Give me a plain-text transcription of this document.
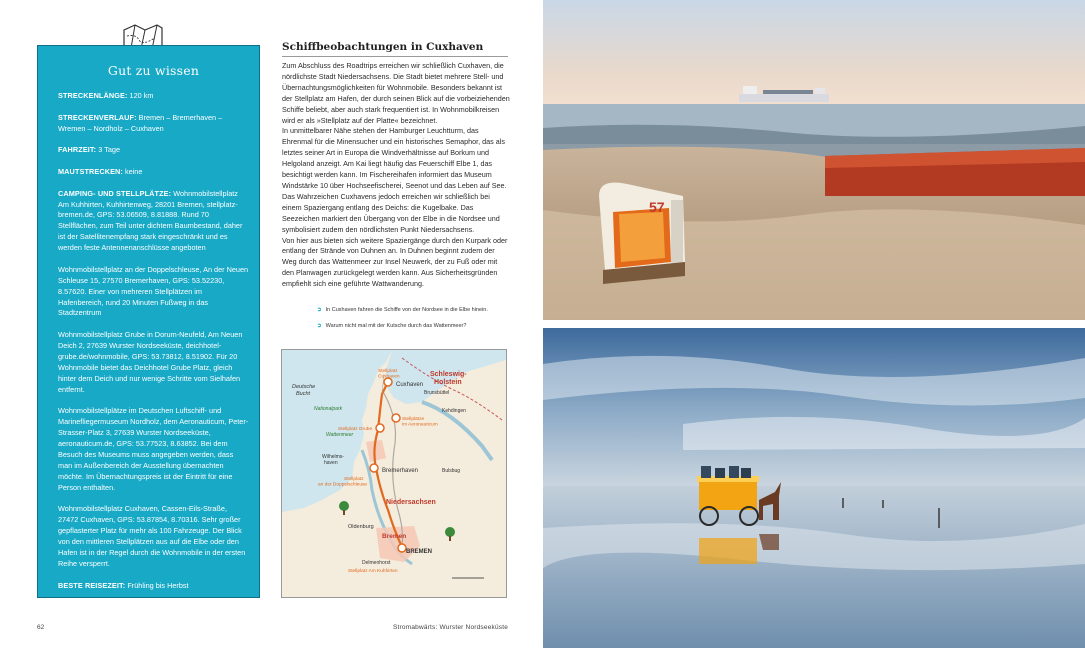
Gut zu wissen

STRECKENLÄNGE: 120 km

STRECKENVERLAUF: Bremen – Bremerhaven – Wremen – Nordholz – Cuxhaven

FAHRZEIT: 3 Tage

MAUTSTRECKEN: keine

CAMPING- UND STELLPLÄTZE: Wohnmobilstellplatz Am Kuhhirten, Kuhhirtenweg, 28201 Bremen, stellplatz-bremen.de, GPS: 53.06509, 8.81888. Rund 70 Stellflächen, zum Teil unter dichtem Baumbestand, daher ist der Satellitenempfang stark eingeschränkt und es werden feste Antennenanschlüsse angeboten

Wohnmobilstellplatz an der Doppelschleuse, An der Neuen Schleuse 15, 27570 Bremerhaven, GPS: 53.52230, 8.57620. Einer von mehreren Stellplätzen im Hafenbereich, rund 20 Minuten Fußweg in das Stadtzentrum

Wohnmobilstellplatz Grube in Dorum-Neufeld, Am Neuen Deich 2, 27639 Wurster Nordseeküste, deichhotel-grube.de/wohnmobile, GPS: 53.73812, 8.51902. Für 20 Wohnmobile bietet das Deichhotel Grube Platz, gleich hinter dem Deich und nur wenige Schritte vom Sielhafen entfernt.

Wohnmobilstellplätze im Deutschen Luftschiff- und Marinefliegermuseum Nordholz, dem Aeronauticum, Peter-Strasser-Platz 3, 27639 Wurster Nordseeküste, aeronauticum.de, GPS: 53.77523, 8.63852. Bei dem Besuch des Museums muss angegeben werden, dass man im Außenbereich der Ausstellung übernachten möchte. Im Übernachtungspreis ist der Eintritt für eine Person enthalten.

Wohnmobilstellplatz Cuxhaven, Cassen-Eils-Straße, 27472 Cuxhaven, GPS: 53.87854, 8.70316. Sehr großer gepflasterter Platz für mehr als 100 Fahrzeuge. Der Blick von den mittleren Stellplätzen aus auf die Elbe oder den Hafen ist in der Regel durch die Wohnmobile in der ersten Reihe versperrt.

BESTE REISEZEIT: Frühling bis Herbst

TOURIST-INFO: wursternordseekueste.de

Schiffbeobachtungen in Cuxhaven

Zum Abschluss des Roadtrips erreichen wir schließlich Cuxhaven, die nördlichste Stadt Niedersachsens. Die Stadt bietet mehrere Stell- und Übernachtungsmöglichkeiten für Wohnmobile. Besonders bekannt ist der Stellplatz am Hafen, der durch seinen Blick auf die vorbeiziehenden Schiffe beliebt, aber auch stark frequentiert ist. In Wohnmobilkreisen wird er als »Stellplatz auf der Platte« bezeichnet.

In unmittelbarer Nähe stehen der Hamburger Leuchtturm, das Ehrenmal für die Minensucher und ein historisches Semaphor, das als letztes seiner Art in Europa die Windverhältnisse auf Borkum und Helgoland anzeigt. Am Kai liegt häufig das Feuerschiff Elbe 1, das besichtigt werden kann. Im Fischereihafen informiert das Museum Windstärke 10 über Hochseefischerei, Seenot und das Leben auf See. Das Wahrzeichen Cuxhavens jedoch erreichen wir schließlich bei einem Spaziergang entlang des Deichs: die Kugelbake. Das Seezeichen markiert den Übergang von der Elbe in die Nordsee und symbolisiert zudem den nördlichsten Punkt Niedersachsens.

Von hier aus bieten sich weitere Spaziergänge durch den Kurpark oder entlang der Strände von Duhnen an. In Duhnen beginnt zudem der Weg durch das Wattenmeer zur Insel Neuwerk, der zu Fuß oder mit den Planwagen zurückgelegt werden kann. Aus Sicherheitsgründen empfiehlt sich eine geführte Wattwanderung.

➲ In Cuxhaven fahren die Schiffe von der Nordsee in die Elbe hinein.
➲ Warum nicht mal mit der Kutsche durch das Wattenmeer?
Schleswig-Holstein
Niedersachsen
Cuxhaven
Bremerhaven
BREMEN
Oldenburg
Delmenhorst
Bremen
Brunsbüttel
Wilhelms-haven
Bulsbug
Kehdingen
Nationalpark
Wattenmeer
Deutsche Bucht
Stellplatz Cuxhaven
Stellplätze im Aeronauticum
Stellplatz Grube
Stellplatz an der Doppelschleuse
Stellplatz Am Kuhhirten
62	Stromabwärts: Wurster Nordseeküste
57
